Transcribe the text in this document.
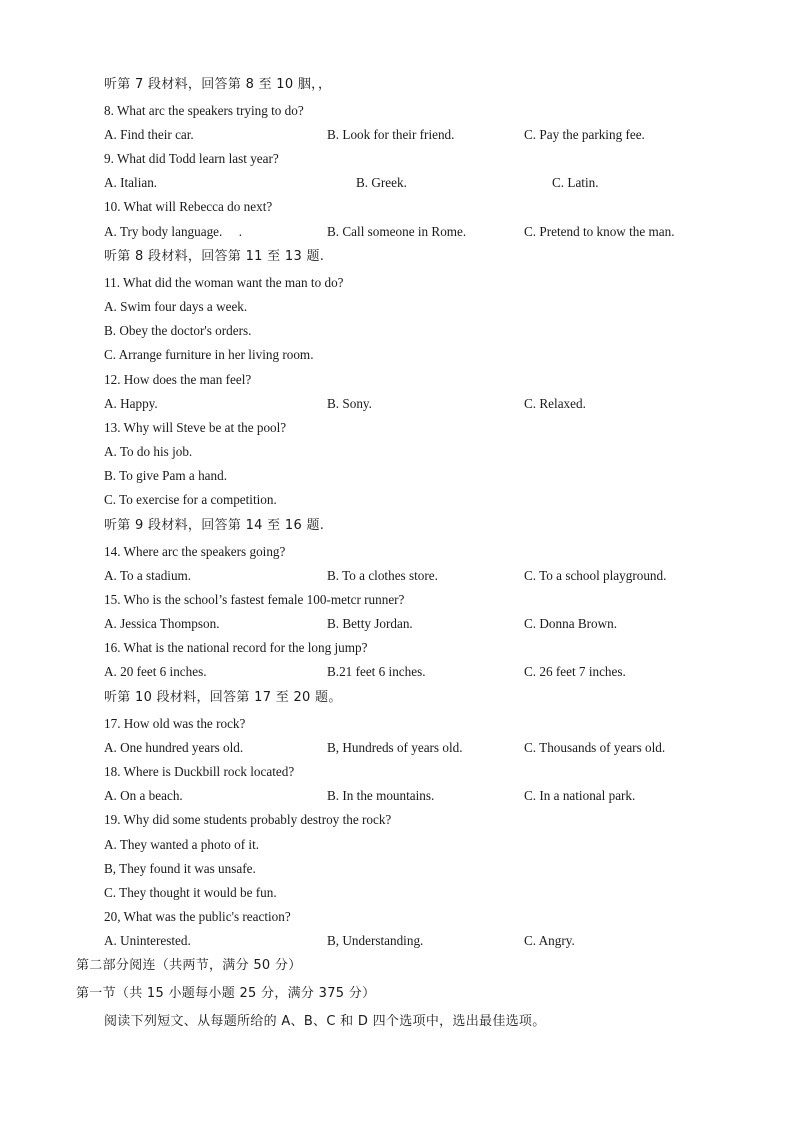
听第 7 段材料，回答第 8 至 10 胭，，
8. What arc the speakers trying to do?
A. Find their car.	B. Look for their friend.	C. Pay the parking fee.
9. What did Todd learn last year?
A. Italian.	B. Greek.	C. Latin.
10. What will Rebecca do next?
A. Try body language.     .	B. Call someone in Rome.	C. Pretend to know the man.
听第 8 段材料，回答第 11 至 13 题.
11. What did the woman want the man to do?
A. Swim four days a week.
B. Obey the doctor's orders.
C. Arrange furniture in her living room.
12. How does the man feel?
A. Happy.	B. Sony.	C. Relaxed.
13. Why will Steve be at the pool?
A. To do his job.
B. To give Pam a hand.
C. To exercise for a competition.
听第 9 段材料，回答第 14 至 16 题.
14. Where arc the speakers going?
A. To a stadium.	B. To a clothes store.	C. To a school playground.
15. Who is the school’s fastest female 100-metcr runner?
A. Jessica Thompson.	B. Betty Jordan.	C. Donna Brown.
16. What is the national record for the long jump?
A. 20 feet 6 inches.	B.21 feet 6 inches.	C. 26 feet 7 inches.
听第 10 段材料，回答第 17 至 20 题。
17. How old was the rock?
A. One hundred years old.	B, Hundreds of years old.	C. Thousands of years old.
18. Where is Duckbill rock located?
A. On a beach.	B. In the mountains.	C. In a national park.
19. Why did some students probably destroy the rock?
A. They wanted a photo of it.
B, They found it was unsafe.
C. They thought it would be fun.
20, What was the public's reaction?
A. Uninterested.	B, Understanding.	C. Angry.
第二部分阅连（共两节，满分 50 分）
第一节（共 15 小题每小题 25 分，满分 375 分）
阅读下列短文、从每题所给的 A、B、C 和 D 四个选项中，选出最佳选项。
